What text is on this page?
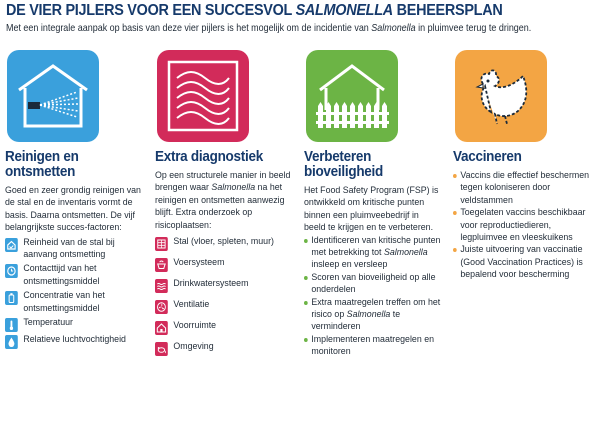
DE VIER PIJLERS VOOR EEN SUCCESVOL SALMONELLA BEHEERSPLAN
Met een integrale aanpak op basis van deze vier pijlers is het mogelijk om de incidentie van Salmonella in pluimvee terug te dringen.
Reinigen en
ontsmetten

Goed en zeer grondig reinigen van de stal en de inventaris vormt de basis. Daarna ontsmetten. De vijf belangrijkste succes-factoren:

Reinheid van de stal bij aanvang ontsmetting
Contacttijd van het ontsmettingsmiddel
Concentratie van het ontsmettingsmiddel
Temperatuur
Relatieve luchtvochtigheid
Extra diagnostiek

Op een structurele manier in beeld brengen waar Salmonella na het reinigen en ontsmetten aanwezig blijft. Extra onderzoek op risicoplaatsen:

Stal (vloer, spleten, muur)
Voersysteem
Drinkwatersysteem
Ventilatie
Voorruimte
Omgeving
Verbeteren
bioveiligheid

Het Food Safety Program (FSP) is ontwikkeld om kritische punten binnen een pluimveebedrijf in beeld te krijgen en te verbeteren.

Identificeren van kritische punten met betrekking tot Salmonella insleep en versleep
Scoren van bioveiligheid op alle onderdelen
Extra maatregelen treffen om het risico op Salmonella te verminderen
Implementeren maatregelen en monitoren
Vaccineren
Vaccins die effectief beschermen tegen koloniseren door veldstammen
Toegelaten vaccins beschikbaar voor reproductiedieren, legpluimvee en vleeskuikens
Juiste uitvoering van vaccinatie (Good Vaccination Practices) is bepalend voor bescherming
